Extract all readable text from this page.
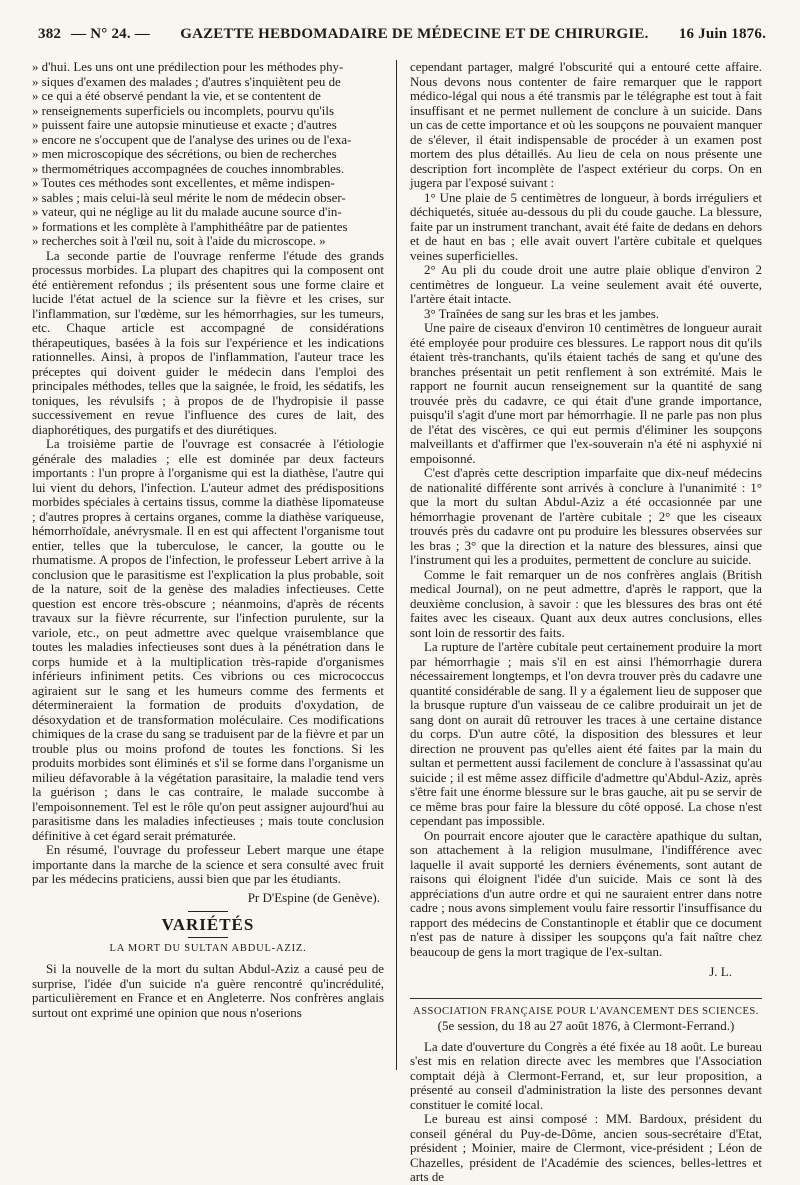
382 — N° 24. — GAZETTE HEBDOMADAIRE DE MÉDECINE ET DE CHIRURGIE. 16 Juin 1876.

» d'hui. Les uns ont une prédilection pour les méthodes phy-

» siques d'examen des malades ; d'autres s'inquiètent peu de

» ce qui a été observé pendant la vie, et se contentent de

» renseignements superficiels ou incomplets, pourvu qu'ils

» puissent faire une autopsie minutieuse et exacte ; d'autres

» encore ne s'occupent que de l'analyse des urines ou de l'exa-

» men microscopique des sécrétions, ou bien de recherches

» thermométriques accompagnées de couches innombrables.

» Toutes ces méthodes sont excellentes, et même indispen-

» sables ; mais celui-là seul mérite le nom de médecin obser-

» vateur, qui ne néglige au lit du malade aucune source d'in-

» formations et les complète à l'amphithéâtre par de patientes

» recherches soit à l'œil nu, soit à l'aide du microscope. »

La seconde partie de l'ouvrage renferme l'étude des grands processus morbides. La plupart des chapitres qui la composent ont été entièrement refondus ; ils présentent sous une forme claire et lucide l'état actuel de la science sur la fièvre et les crises, sur l'inflammation, sur l'œdème, sur les hémorrhagies, sur les tumeurs, etc. Chaque article est accompagné de considérations thérapeutiques, basées à la fois sur l'expérience et les indications rationnelles. Ainsi, à propos de l'inflammation, l'auteur trace les préceptes qui doivent guider le médecin dans l'emploi des principales méthodes, telles que la saignée, le froid, les sédatifs, les toniques, les révulsifs ; à propos de de l'hydropisie il passe successivement en revue l'influence des cures de lait, des diaphorétiques, des purgatifs et des diurétiques.

La troisième partie de l'ouvrage est consacrée à l'étiologie générale des maladies ; elle est dominée par deux facteurs importants : l'un propre à l'organisme qui est la diathèse, l'autre qui lui vient du dehors, l'infection. L'auteur admet des prédispositions morbides spéciales à certains tissus, comme la diathèse lipomateuse ; d'autres propres à certains organes, comme la diathèse variqueuse, hémorrhoïdale, anévrysmale. Il en est qui affectent l'organisme tout entier, telles que la tuberculose, le cancer, la goutte ou le rhumatisme. A propos de l'infection, le professeur Lebert arrive à la conclusion que le parasitisme est l'explication la plus probable, soit de la nature, soit de la genèse des maladies infectieuses. Cette question est encore très-obscure ; néanmoins, d'après de récents travaux sur la fièvre récurrente, sur l'infection purulente, sur la variole, etc., on peut admettre avec quelque vraisemblance que toutes les maladies infectieuses sont dues à la pénétration dans le corps humide et à la multiplication très-rapide d'organismes inférieurs infiniment petits. Ces vibrions ou ces micrococcus agiraient sur le sang et les humeurs comme des ferments et détermineraient la formation de produits d'oxydation, de désoxydation et de transformation moléculaire. Ces modifications chimiques de la crase du sang se traduisent par de la fièvre et par un trouble plus ou moins profond de toutes les fonctions. Si les produits morbides sont éliminés et s'il se forme dans l'organisme un milieu défavorable à la végétation parasitaire, la maladie tend vers la guérison ; dans le cas contraire, le malade succombe à l'empoisonnement. Tel est le rôle qu'on peut assigner aujourd'hui au parasitisme dans les maladies infectieuses ; mais toute conclusion définitive à cet égard serait prématurée.

En résumé, l'ouvrage du professeur Lebert marque une étape importante dans la marche de la science et sera consulté avec fruit par les médecins praticiens, aussi bien que par les étudiants.

Pr D'Espine (de Genève).
VARIÉTÉS
LA MORT DU SULTAN ABDUL-AZIZ.

Si la nouvelle de la mort du sultan Abdul-Aziz a causé peu de surprise, l'idée d'un suicide n'a guère rencontré qu'incrédulité, particulièrement en France et en Angleterre. Nos confrères anglais surtout ont exprimé une opinion que nous n'oserions

cependant partager, malgré l'obscurité qui a entouré cette affaire. Nous devons nous contenter de faire remarquer que le rapport médico-légal qui nous a été transmis par le télégraphe est tout à fait insuffisant et ne permet nullement de conclure à un suicide. Dans un cas de cette importance et où les soupçons ne pouvaient manquer de s'élever, il était indispensable de procéder à un examen post mortem des plus détaillés. Au lieu de cela on nous présente une description fort incomplète de l'aspect extérieur du corps. On en jugera par l'exposé suivant :

1° Une plaie de 5 centimètres de longueur, à bords irréguliers et déchiquetés, située au-dessous du pli du coude gauche. La blessure, faite par un instrument tranchant, avait été faite de dedans en dehors et de haut en bas ; elle avait ouvert l'artère cubitale et quelques veines superficielles.

2° Au pli du coude droit une autre plaie oblique d'environ 2 centimètres de longueur. La veine seulement avait été ouverte, l'artère était intacte.

3° Traînées de sang sur les bras et les jambes.

Une paire de ciseaux d'environ 10 centimètres de longueur aurait été employée pour produire ces blessures. Le rapport nous dit qu'ils étaient très-tranchants, qu'ils étaient tachés de sang et qu'une des branches présentait un petit renflement à son extrémité. Mais le rapport ne fournit aucun renseignement sur la quantité de sang trouvée près du cadavre, ce qui était d'une grande importance, puisqu'il s'agit d'une mort par hémorrhagie. Il ne parle pas non plus de l'état des viscères, ce qui eut permis d'éliminer les soupçons malveillants et d'affirmer que l'ex-souverain n'a été ni asphyxié ni empoisonné.

C'est d'après cette description imparfaite que dix-neuf médecins de nationalité différente sont arrivés à conclure à l'unanimité : 1° que la mort du sultan Abdul-Aziz a été occasionnée par une hémorrhagie provenant de l'artère cubitale ; 2° que les ciseaux trouvés près du cadavre ont pu produire les blessures observées sur les bras ; 3° que la direction et la nature des blessures, ainsi que l'instrument qui les a produites, permettent de conclure au suicide.

Comme le fait remarquer un de nos confrères anglais (British medical Journal), on ne peut admettre, d'après le rapport, que la deuxième conclusion, à savoir : que les blessures des bras ont été faites avec les ciseaux. Quant aux deux autres conclusions, elles sont loin de ressortir des faits.

La rupture de l'artère cubitale peut certainement produire la mort par hémorrhagie ; mais s'il en est ainsi l'hémorrhagie durera nécessairement longtemps, et l'on devra trouver près du cadavre une quantité considérable de sang. Il y a également lieu de supposer que la brusque rupture d'un vaisseau de ce calibre produirait un jet de sang dont on aurait dû retrouver les traces à une certaine distance du corps. D'un autre côté, la disposition des blessures et leur direction ne prouvent pas qu'elles aient été faites par la main du sultan et permettent aussi facilement de conclure à l'assassinat qu'au suicide ; il est même assez difficile d'admettre qu'Abdul-Aziz, après s'être fait une énorme blessure sur le bras gauche, ait pu se servir de ce même bras pour faire la blessure du côté opposé. La chose n'est cependant pas impossible.

On pourrait encore ajouter que le caractère apathique du sultan, son attachement à la religion musulmane, l'indifférence avec laquelle il avait supporté les derniers événements, sont autant de raisons qui éloignent l'idée d'un suicide. Mais ce sont là des appréciations d'un autre ordre et qui ne sauraient entrer dans notre cadre ; nous avons simplement voulu faire ressortir l'insuffisance du rapport des médecins de Constantinople et établir que ce document n'est pas de nature à dissiper les soupçons qu'a fait naître chez beaucoup de gens la mort tragique de l'ex-sultan.

J. L.
ASSOCIATION FRANÇAISE POUR L'AVANCEMENT DES SCIENCES.
(5e session, du 18 au 27 août 1876, à Clermont-Ferrand.)

La date d'ouverture du Congrès a été fixée au 18 août. Le bureau s'est mis en relation directe avec les membres que l'Association comptait déjà à Clermont-Ferrand, et, sur leur proposition, a présenté au conseil d'administration la liste des personnes devant constituer le comité local.

Le bureau est ainsi composé : MM. Bardoux, président du conseil général du Puy-de-Dôme, ancien sous-secrétaire d'Etat, président ; Moinier, maire de Clermont, vice-président ; Léon de Chazelles, président de l'Académie des sciences, belles-lettres et arts de
